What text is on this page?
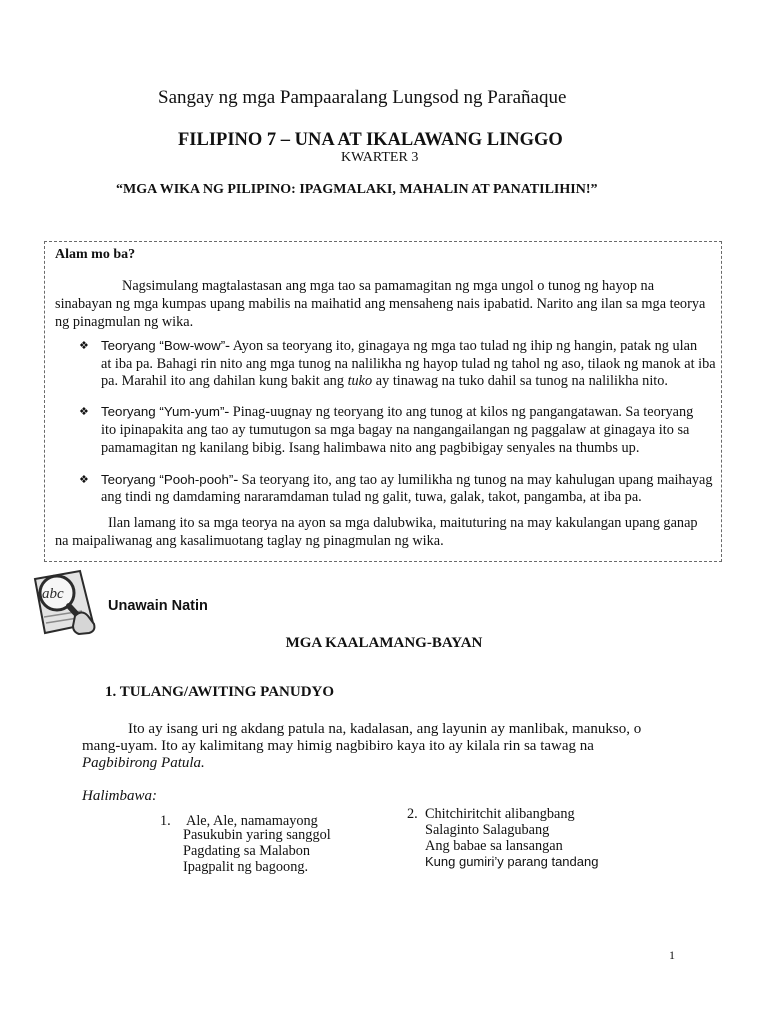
Sangay ng mga Pampaaralang Lungsod ng Parañaque
FILIPINO 7 – UNA AT IKALAWANG LINGGO
KWARTER 3
“MGA WIKA NG PILIPINO: IPAGMALAKI, MAHALIN AT PANATILIHIN!”
Alam mo ba?
Nagsimulang magtalastasan ang mga tao sa pamamagitan ng mga ungol o tunog ng hayop na
sinabayan ng mga kumpas upang mabilis na maihatid ang mensaheng nais ipabatid. Narito ang ilan sa mga teorya
ng pinagmulan ng wika.
❖ Teoryang “Bow-wow”- Ayon sa teoryang ito, ginagaya ng mga tao tulad ng ihip ng hangin, patak ng ulan
at iba pa. Bahagi rin nito ang mga tunog na nalilikha ng hayop tulad ng tahol ng aso, tilaok ng manok at iba
pa. Marahil ito ang dahilan kung bakit ang tuko ay tinawag na tuko dahil sa tunog na nalilikha nito.
❖ Teoryang “Yum-yum”- Pinag-uugnay ng teoryang ito ang tunog at kilos ng pangangatawan. Sa teoryang
ito ipinapakita ang tao ay tumutugon sa mga bagay na nangangailangan ng paggalaw at ginagaya ito sa
pamamagitan ng kanilang bibig. Isang halimbawa nito ang pagbibigay senyales na thumbs up.
❖ Teoryang “Pooh-pooh”- Sa teoryang ito, ang tao ay lumilikha ng tunog na may kahulugan upang maihayag
ang tindi ng damdaming nararamdaman tulad ng galit, tuwa, galak, takot, pangamba, at iba pa.
Ilan lamang ito sa mga teorya na ayon sa mga dalubwika, maituturing na may kakulangan upang ganap
na maipaliwanag ang kasalimuotang taglay ng pinagmulan ng wika.
abc
Unawain Natin
MGA KAALAMANG-BAYAN
1. TULANG/AWITING PANUDYO
Ito ay isang uri ng akdang patula na, kadalasan, ang layunin ay manlibak, manukso, o
mang-uyam. Ito ay kalimitang may himig nagbibiro kaya ito ay kilala rin sa tawag na
Pagbibirong Patula.
Halimbawa:
1. Ale, Ale, namamayong
Pasukubin yaring sanggol
Pagdating sa Malabon
Ipagpalit ng bagoong.
2. Chitchiritchit alibangbang
Salaginto Salagubang
Ang babae sa lansangan
Kung gumiri’y parang tandang
1
